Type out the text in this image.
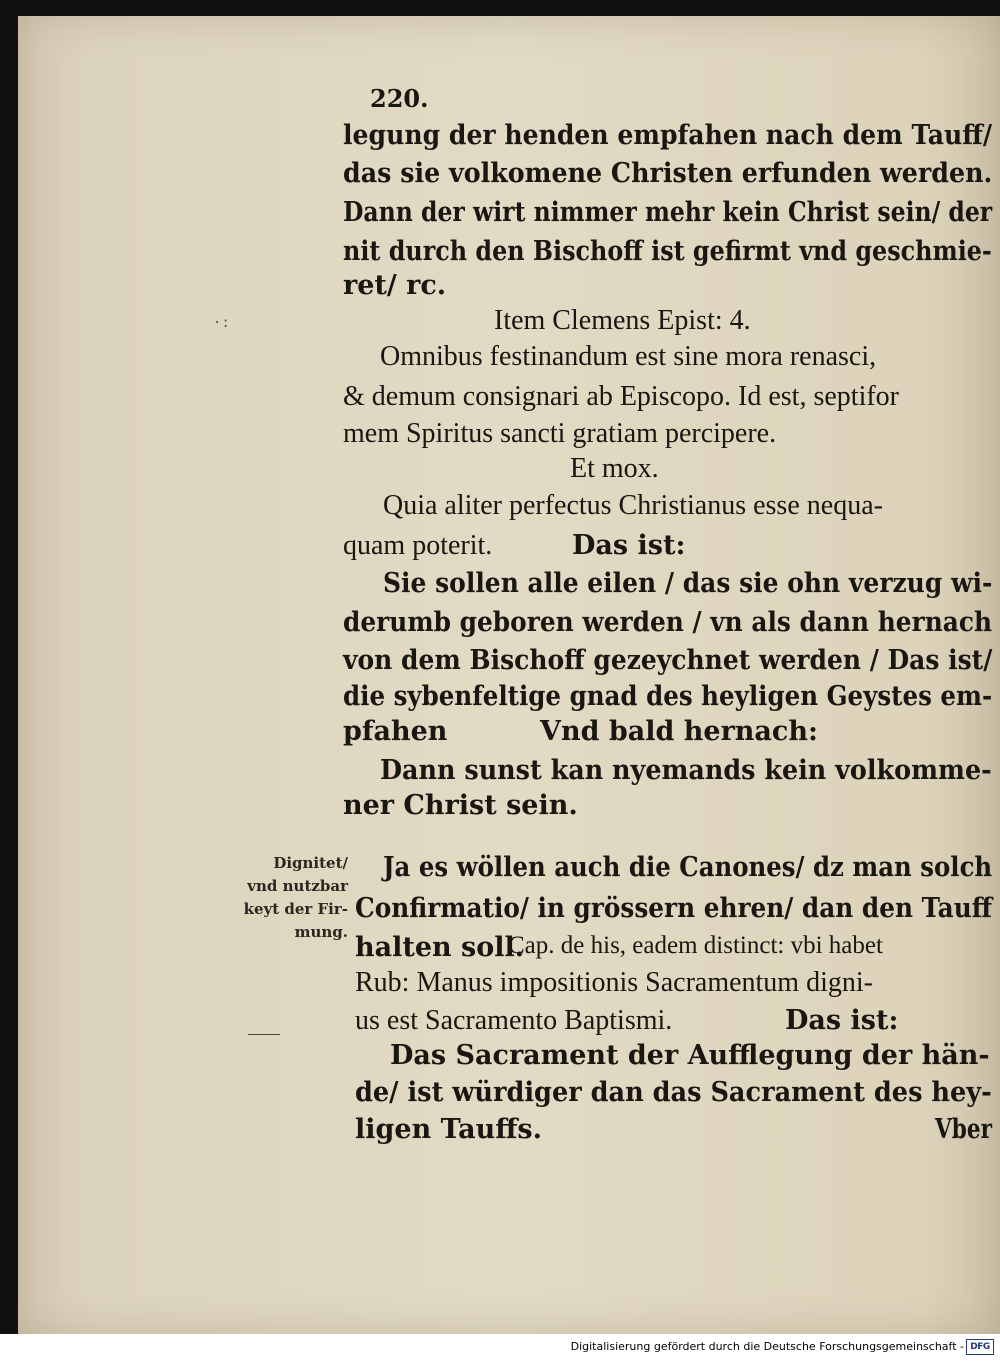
220.
·:
Dignitet/
vnd nutzbar
keyt der Fir-
mung.
legung der henden empfahen nach dem Tauff/
das sie volkomene Christen erfunden werden.
Dann der wirt nimmer mehr kein Christ sein/ der
nit durch den Bischoff ist gefirmt vnd geschmie-
ret/ rc.
Item Clemens Epist: 4.
Omnibus festinandum est sine mora renasci,
& demum consignari ab Episcopo. Id est, septifor
mem Spiritus sancti gratiam percipere.
Et mox.
Quia aliter perfectus Christianus esse nequa-
quam poterit.	Das ist:
Sie sollen alle eilen / das sie ohn verzug wi-
derumb geboren werden / vn als dann hernach
von dem Bischoff gezeychnet werden / Das ist/
die sybenfeltige gnad des heyligen Geystes em-
pfahen	Vnd bald hernach:
Dann sunst kan nyemands kein volkomme-
ner Christ sein.
Ja es wöllen auch die Canones/ dz man solch
Confirmatio/ in grössern ehren/ dan den Tauff
halten soll.
Cap. de his, eadem distinct: vbi habet
Rub: Manus impositionis Sacramentum digni-
us est Sacramento Baptismi.	Das ist:
Das Sacrament der Aufflegung der hän-
de/ ist würdiger dan das Sacrament des hey-
ligen Tauffs.	Vber
Digitalisierung gefördert durch die Deutsche Forschungsgemeinschaft - DFG
